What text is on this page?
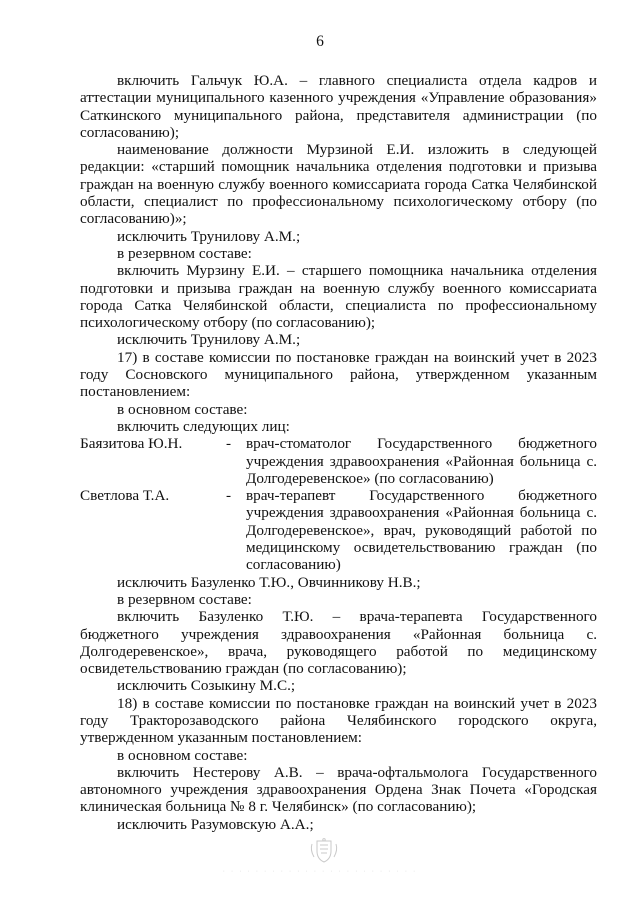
6

включить Гальчук Ю.А. – главного специалиста отдела кадров и аттестации муниципального казенного учреждения «Управление образования» Саткинского муниципального района, представителя администрации (по согласованию);

наименование должности Мурзиной Е.И. изложить в следующей редакции: «старший помощник начальника отделения подготовки и призыва граждан на военную службу военного комиссариата города Сатка Челябинской области, специалист по профессиональному психологическому отбору (по согласованию)»;

исключить Трунилову А.М.;

в резервном составе:

включить Мурзину Е.И. – старшего помощника начальника отделения подготовки и призыва граждан на военную службу военного комиссариата города Сатка Челябинской области, специалиста по профессиональному психологическому отбору (по согласованию);

исключить Трунилову А.М.;

17) в составе комиссии по постановке граждан на воинский учет в 2023 году Сосновского муниципального района, утвержденном указанным постановлением:

в основном составе:

включить следующих лиц:

Баязитова Ю.Н.	- врач-стоматолог Государственного бюджетного учреждения здравоохранения «Районная больница с. Долгодеревенское» (по согласованию)
Светлова Т.А.	- врач-терапевт Государственного бюджетного учреждения здравоохранения «Районная больница с. Долгодеревенское», врач, руководящий работой по медицинскому освидетельствованию граждан (по согласованию)

исключить Базуленко Т.Ю., Овчинникову Н.В.;

в резервном составе:

включить Базуленко Т.Ю. – врача-терапевта Государственного бюджетного учреждения здравоохранения «Районная больница с. Долгодеревенское», врача, руководящего работой по медицинскому освидетельствованию граждан (по согласованию);

исключить Созыкину М.С.;

18) в составе комиссии по постановке граждан на воинский учет в 2023 году Тракторозаводского района Челябинского городского округа, утвержденном указанным постановлением:

в основном составе:

включить Нестерову А.В. – врача-офтальмолога Государственного автономного учреждения здравоохранения Ордена Знак Почета «Городская клиническая больница № 8 г. Челябинск» (по согласованию);

исключить Разумовскую А.А.;

· · · · · · · · · · · · · · · · · · · · · · · ·
